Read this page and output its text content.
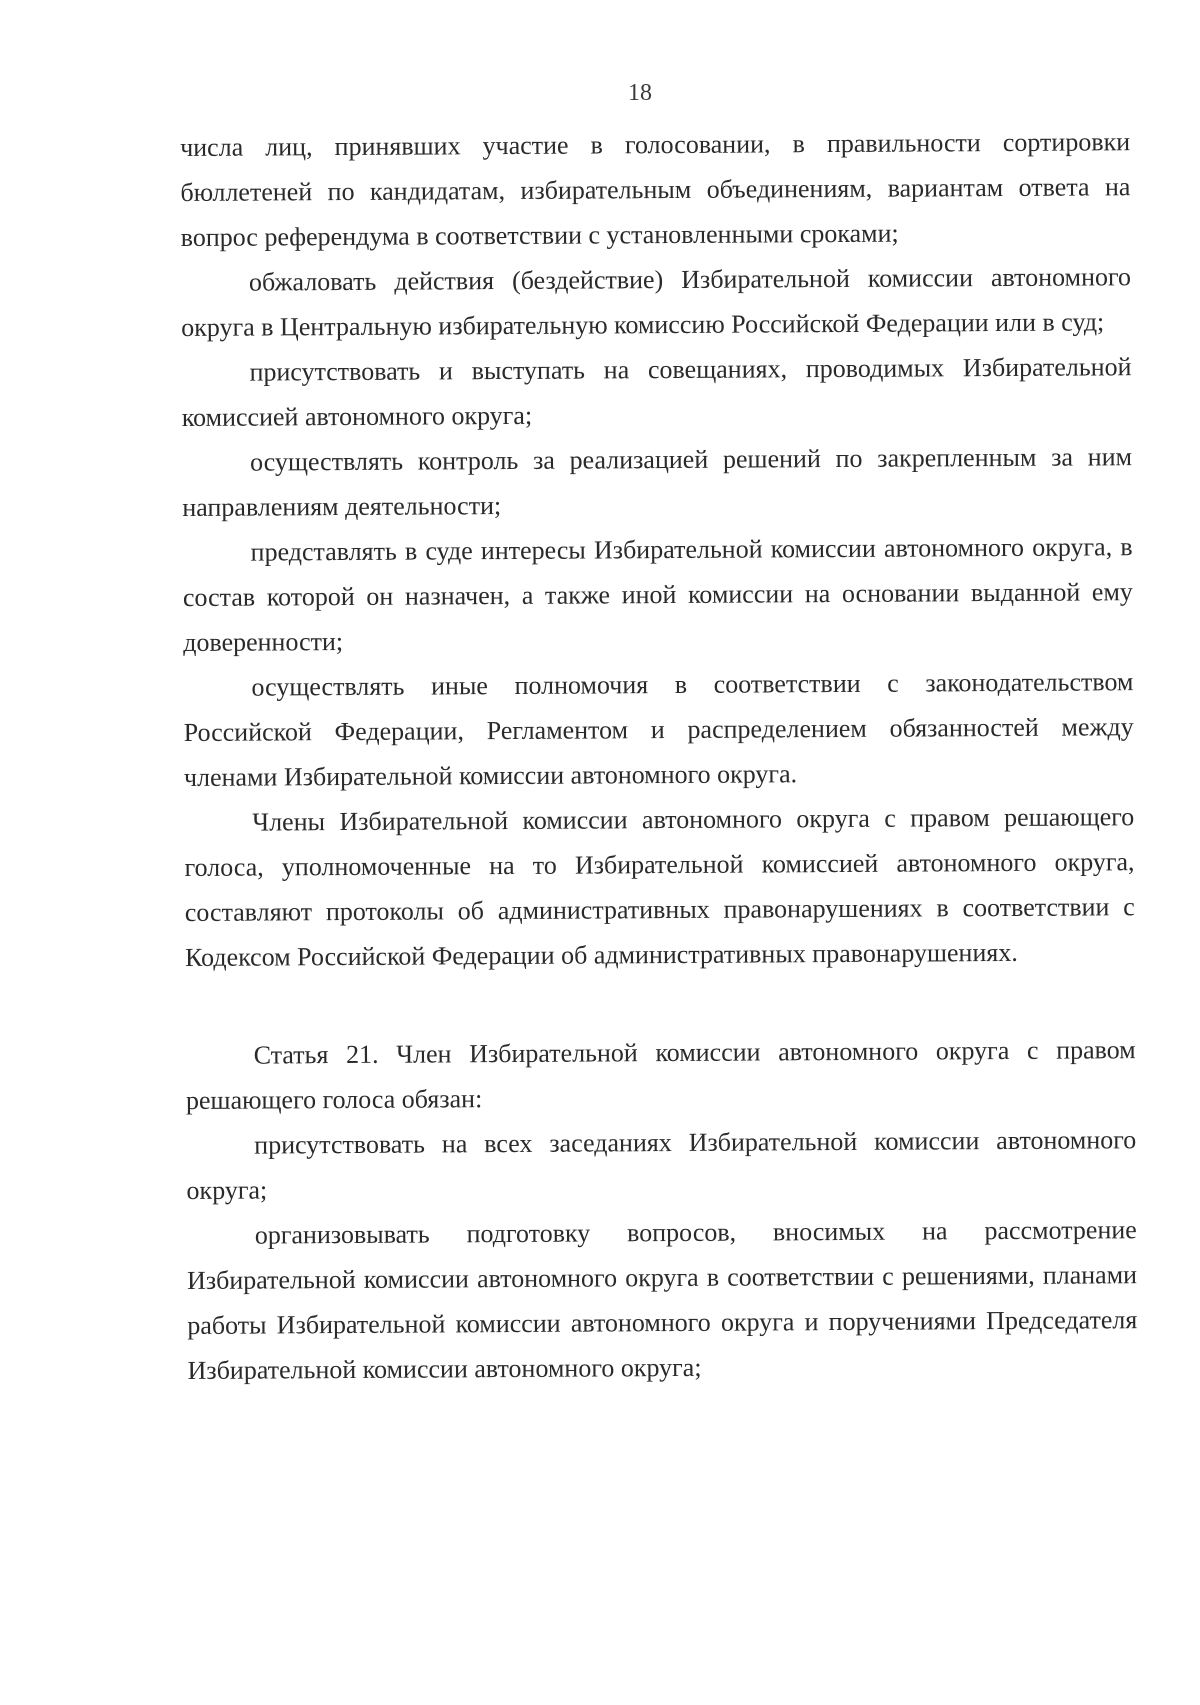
18

числа лиц, принявших участие в голосовании, в правильности сортировки бюллетеней по кандидатам, избирательным объединениям, вариантам ответа на вопрос референдума в соответствии с установленными сроками;

обжаловать действия (бездействие) Избирательной комиссии автономного округа в Центральную избирательную комиссию Российской Федерации или в суд;

присутствовать и выступать на совещаниях, проводимых Избирательной комиссией автономного округа;

осуществлять контроль за реализацией решений по закрепленным за ним направлениям деятельности;

представлять в суде интересы Избирательной комиссии автономного округа, в состав которой он назначен, а также иной комиссии на основании выданной ему доверенности;

осуществлять иные полномочия в соответствии с законодательством Российской Федерации, Регламентом и распределением обязанностей между членами Избирательной комиссии автономного округа.

Члены Избирательной комиссии автономного округа с правом решающего голоса, уполномоченные на то Избирательной комиссией автономного округа, составляют протоколы об административных правонарушениях в соответствии с Кодексом Российской Федерации об административных правонарушениях.

Статья 21. Член Избирательной комиссии автономного округа с правом решающего голоса обязан:

присутствовать на всех заседаниях Избирательной комиссии автономного округа;

организовывать подготовку вопросов, вносимых на рассмотрение Избирательной комиссии автономного округа в соответствии с решениями, планами работы Избирательной комиссии автономного округа и поручениями Председателя Избирательной комиссии автономного округа;
